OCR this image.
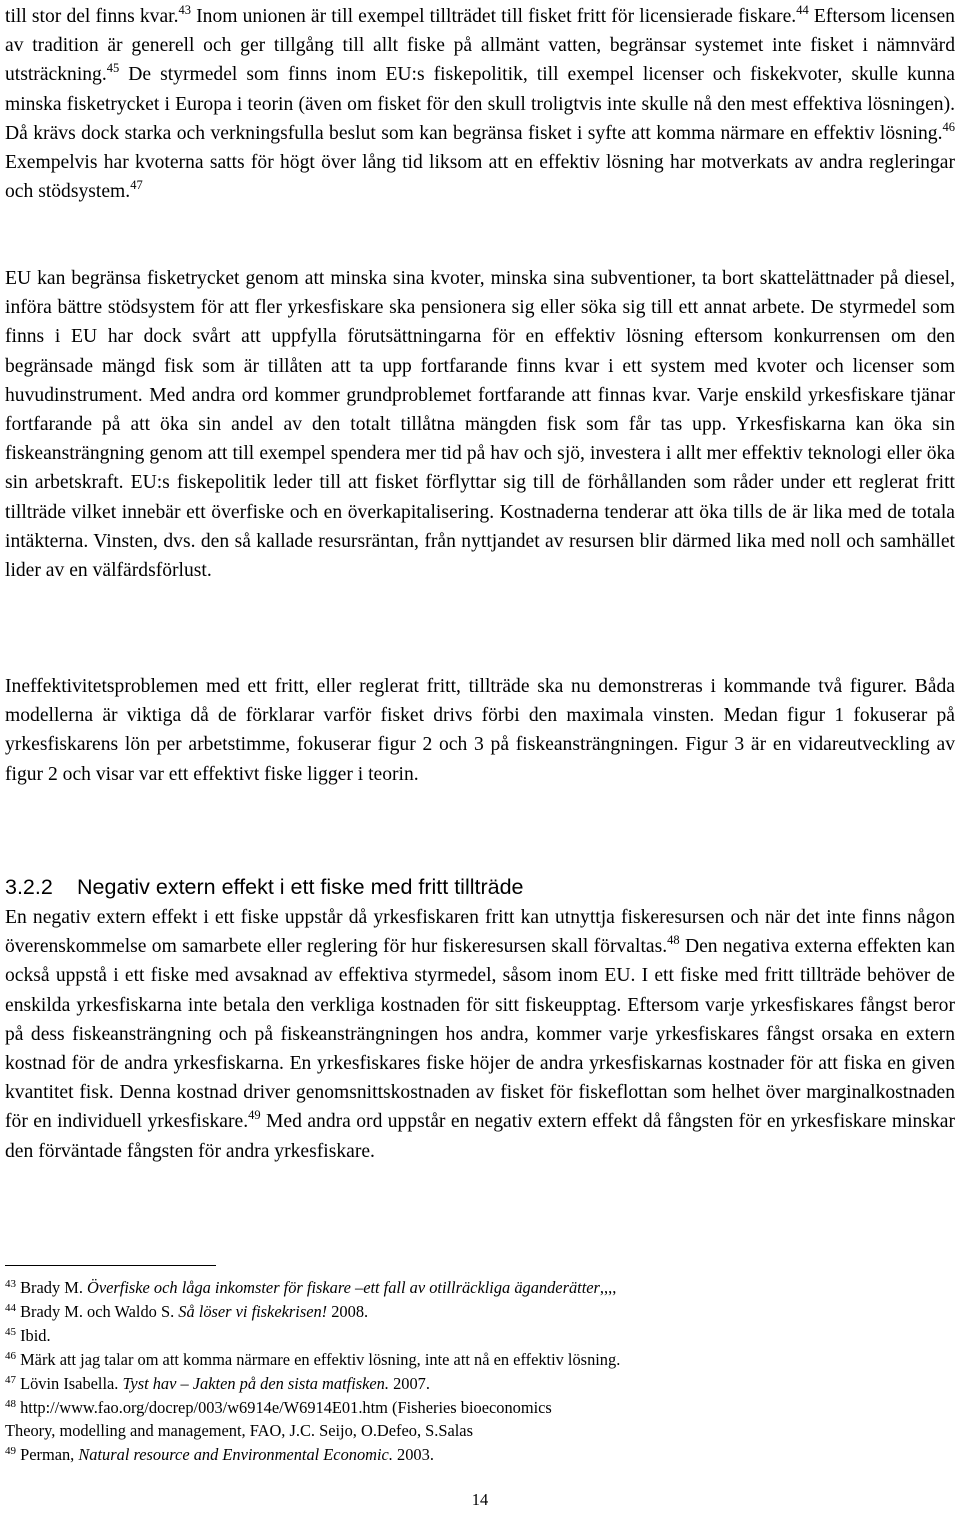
till stor del finns kvar.$^{43}$ Inom unionen är till exempel tillträdet till fisket fritt för licensierade fiskare.$^{44}$ Eftersom licensen av tradition är generell och ger tillgång till allt fiske på allmänt vatten, begränsar systemet inte fisket i nämnvärd utsträckning.$^{45}$ De styrmedel som finns inom EU:s fiskepolitik, till exempel licenser och fiskekvoter, skulle kunna minska fisketrycket i Europa i teorin (även om fisket för den skull troligtvis inte skulle nå den mest effektiva lösningen). Då krävs dock starka och verkningsfulla beslut som kan begränsa fisket i syfte att komma närmare en effektiv lösning.$^{46}$ Exempelvis har kvoterna satts för högt över lång tid liksom att en effektiv lösning har motverkats av andra regleringar och stödsystem.$^{47}$

EU kan begränsa fisketrycket genom att minska sina kvoter, minska sina subventioner, ta bort skattelättnader på diesel, införa bättre stödsystem för att fler yrkesfiskare ska pensionera sig eller söka sig till ett annat arbete. De styrmedel som finns i EU har dock svårt att uppfylla förutsättningarna för en effektiv lösning eftersom konkurrensen om den begränsade mängd fisk som är tillåten att ta upp fortfarande finns kvar i ett system med kvoter och licenser som huvudinstrument. Med andra ord kommer grundproblemet fortfarande att finnas kvar. Varje enskild yrkesfiskare tjänar fortfarande på att öka sin andel av den totalt tillåtna mängden fisk som får tas upp. Yrkesfiskarna kan öka sin fiskeansträngning genom att till exempel spendera mer tid på hav och sjö, investera i allt mer effektiv teknologi eller öka sin arbetskraft. EU:s fiskepolitik leder till att fisket förflyttar sig till de förhållanden som råder under ett reglerat fritt tillträde vilket innebär ett överfiske och en överkapitalisering. Kostnaderna tenderar att öka tills de är lika med de totala intäkterna. Vinsten, dvs. den så kallade resursräntan, från nyttjandet av resursen blir därmed lika med noll och samhället lider av en välfärdsförlust.

Ineffektivitetsproblemen med ett fritt, eller reglerat fritt, tillträde ska nu demonstreras i kommande två figurer. Båda modellerna är viktiga då de förklarar varför fisket drivs förbi den maximala vinsten. Medan figur 1 fokuserar på yrkesfiskarens lön per arbetstimme, fokuserar figur 2 och 3 på fiskeansträngningen. Figur 3 är en vidareutveckling av figur 2 och visar var ett effektivt fiske ligger i teorin.

3.2.2 Negativ extern effekt i ett fiske med fritt tillträde

En negativ extern effekt i ett fiske uppstår då yrkesfiskaren fritt kan utnyttja fiskeresursen och när det inte finns någon överenskommelse om samarbete eller reglering för hur fiskeresursen skall förvaltas.$^{48}$ Den negativa externa effekten kan också uppstå i ett fiske med avsaknad av effektiva styrmedel, såsom inom EU. I ett fiske med fritt tillträde behöver de enskilda yrkesfiskarna inte betala den verkliga kostnaden för sitt fiskeupptag. Eftersom varje yrkesfiskares fångst beror på dess fiskeansträngning och på fiskeansträngningen hos andra, kommer varje yrkesfiskares fångst orsaka en extern kostnad för de andra yrkesfiskarna. En yrkesfiskares fiske höjer de andra yrkesfiskarnas kostnader för att fiska en given kvantitet fisk. Denna kostnad driver genomsnittskostnaden av fisket för fiskeflottan som helhet över marginalkostnaden för en individuell yrkesfiskare.$^{49}$ Med andra ord uppstår en negativ extern effekt då fångsten för en yrkesfiskare minskar den förväntade fångsten för andra yrkesfiskare.

$^{43}$ Brady M. Överfiske och låga inkomster för fiskare –ett fall av otillräckliga äganderätter,,,,

$^{44}$ Brady M. och Waldo S. Så löser vi fiskekrisen! 2008.

$^{45}$ Ibid.

$^{46}$ Märk att jag talar om att komma närmare en effektiv lösning, inte att nå en effektiv lösning.

$^{47}$ Lövin Isabella. Tyst hav – Jakten på den sista matfisken. 2007.

$^{48}$ http://www.fao.org/docrep/003/w6914e/W6914E01.htm (Fisheries bioeconomics

Theory, modelling and management, FAO, J.C. Seijo, O.Defeo, S.Salas

$^{49}$ Perman, Natural resource and Environmental Economic. 2003.

14
